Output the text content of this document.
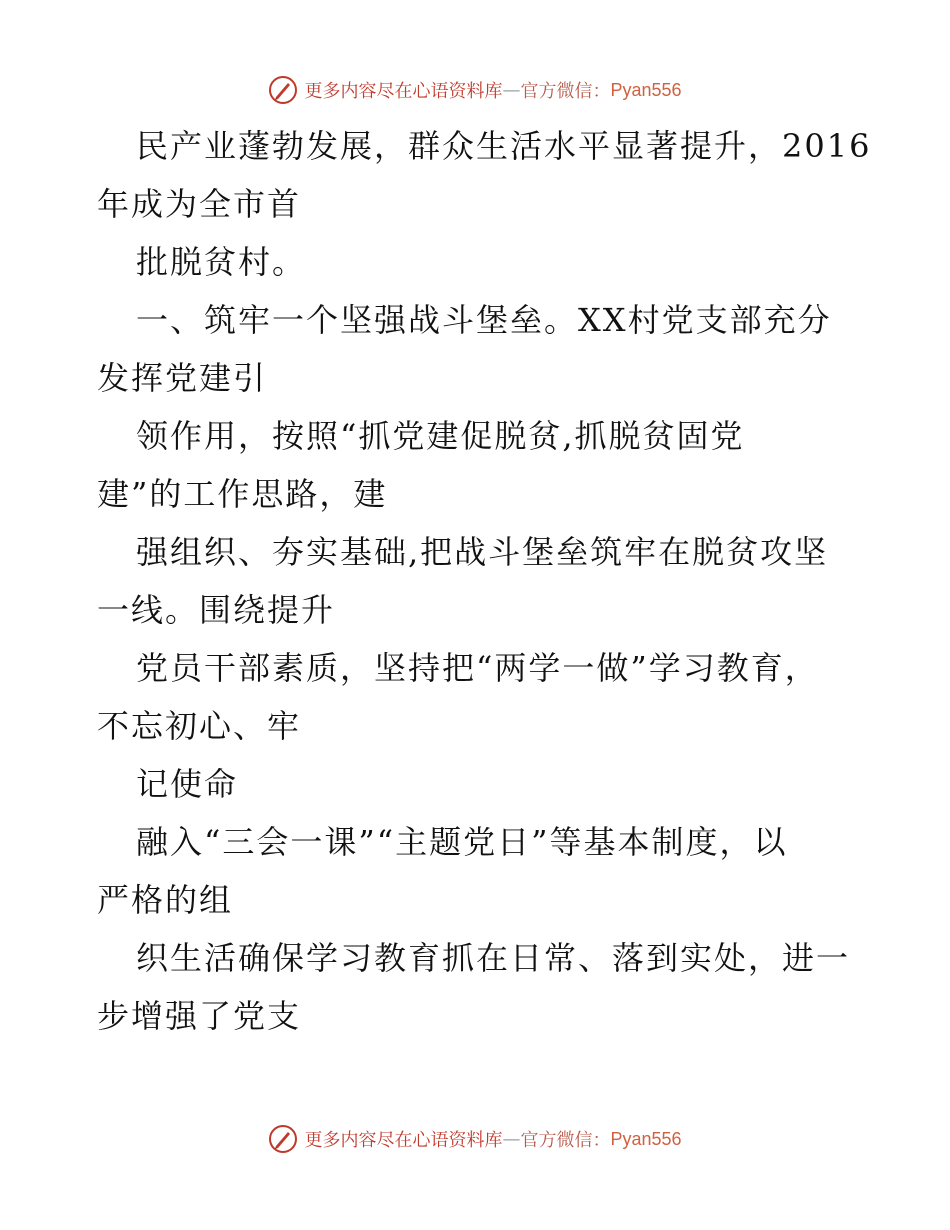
更多内容尽在心语资料库 — 官方微信： Pyan556
民产业蓬勃发展，群众生活水平显著提升，2016
年成为全市首
批脱贫村。
一、筑牢一个坚强战斗堡垒。XX村党支部充分
发挥党建引
领作用，按照“抓党建促脱贫,抓脱贫固党
建”的工作思路，建
强组织、夯实基础,把战斗堡垒筑牢在脱贫攻坚
一线。围绕提升
党员干部素质，坚持把“两学一做”学习教育，
不忘初心、牢
记使命
融入“三会一课”“主题党日”等基本制度，以
严格的组
织生活确保学习教育抓在日常、落到实处，进一
步增强了党支
更多内容尽在心语资料库 — 官方微信： Pyan556
